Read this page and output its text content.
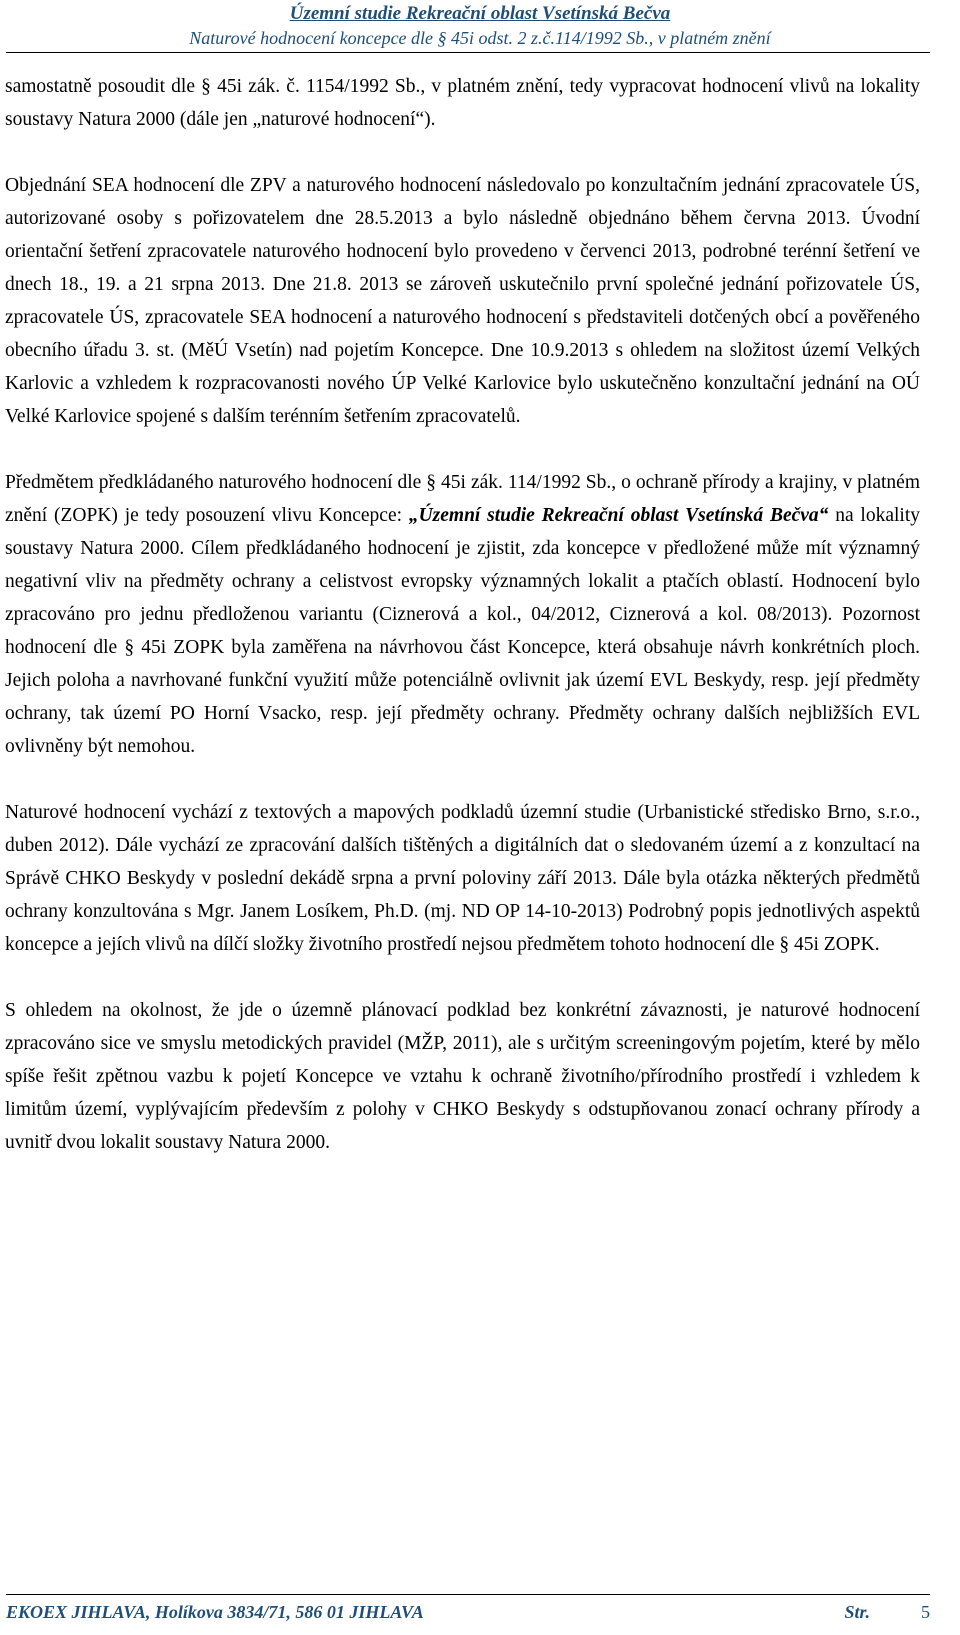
Územní studie Rekreační oblast Vsetínská Bečva
Naturové hodnocení koncepce dle § 45i odst. 2 z.č.114/1992 Sb., v platném znění

samostatně posoudit dle § 45i zák. č. 1154/1992 Sb., v platném znění, tedy vypracovat hodnocení vlivů na lokality soustavy Natura 2000 (dále jen „naturové hodnocení“).

Objednání SEA hodnocení dle ZPV a naturového hodnocení následovalo po konzultačním jednání zpracovatele ÚS, autorizované osoby s pořizovatelem dne 28.5.2013 a bylo následně objednáno během června 2013. Úvodní orientační šetření zpracovatele naturového hodnocení bylo provedeno v červenci 2013, podrobné terénní šetření ve dnech 18., 19. a 21 srpna 2013. Dne 21.8. 2013 se zároveň uskutečnilo první společné jednání pořizovatele ÚS, zpracovatele ÚS, zpracovatele SEA hodnocení a naturového hodnocení s představiteli dotčených obcí a pověřeného obecního úřadu 3. st. (MěÚ Vsetín) nad pojetím Koncepce. Dne 10.9.2013 s ohledem na složitost území Velkých Karlovic a vzhledem k rozpracovanosti nového ÚP Velké Karlovice bylo uskutečněno konzultační jednání na OÚ Velké Karlovice spojené s dalším terénním šetřením zpracovatelů.

Předmětem předkládaného naturového hodnocení dle § 45i zák. 114/1992 Sb., o ochraně přírody a krajiny, v platném znění (ZOPK) je tedy posouzení vlivu Koncepce: „Územní studie Rekreační oblast Vsetínská Bečva“ na lokality soustavy Natura 2000. Cílem předkládaného hodnocení je zjistit, zda koncepce v předložené může mít významný negativní vliv na předměty ochrany a celistvost evropsky významných lokalit a ptačích oblastí. Hodnocení bylo zpracováno pro jednu předloženou variantu (Ciznerová a kol., 04/2012, Ciznerová a kol. 08/2013). Pozornost hodnocení dle § 45i ZOPK byla zaměřena na návrhovou část Koncepce, která obsahuje návrh konkrétních ploch. Jejich poloha a navrhované funkční využití může potenciálně ovlivnit jak území EVL Beskydy, resp. její předměty ochrany, tak území PO Horní Vsacko, resp. její předměty ochrany. Předměty ochrany dalších nejbližších EVL ovlivněny být nemohou.

Naturové hodnocení vychází z textových a mapových podkladů územní studie (Urbanistické středisko Brno, s.r.o., duben 2012). Dále vychází ze zpracování dalších tištěných a digitálních dat o sledovaném území a z konzultací na Správě CHKO Beskydy v poslední dekádě srpna a první poloviny září 2013. Dále byla otázka některých předmětů ochrany konzultována s Mgr. Janem Losíkem, Ph.D. (mj. ND OP 14-10-2013) Podrobný popis jednotlivých aspektů koncepce a jejích vlivů na dílčí složky životního prostředí nejsou předmětem tohoto hodnocení dle § 45i ZOPK.

S ohledem na okolnost, že jde o územně plánovací podklad bez konkrétní závaznosti, je naturové hodnocení zpracováno sice ve smyslu metodických pravidel (MŽP, 2011), ale s určitým screeningovým pojetím, které by mělo spíše řešit zpětnou vazbu k pojetí Koncepce ve vztahu k ochraně životního/přírodního prostředí i vzhledem k limitům území, vyplývajícím především z polohy v CHKO Beskydy s odstupňovanou zonací ochrany přírody a uvnitř dvou lokalit soustavy Natura 2000.

EKOEX JIHLAVA, Holíkova 3834/71, 586 01 JIHLAVA	Str.	5
